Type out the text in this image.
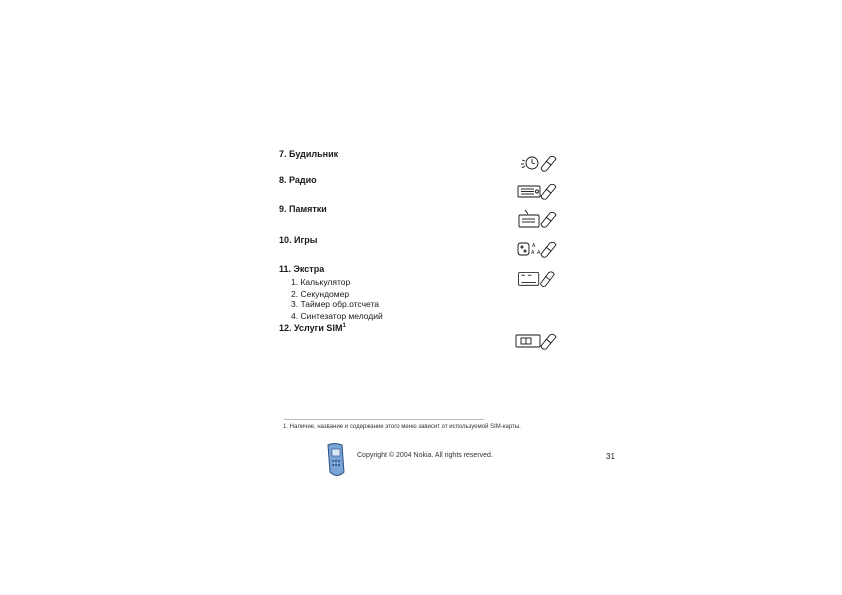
7. Будильник
8. Радио
9. Памятки
10. Игры
11. Экстра
1. Калькулятор
2. Секундомер
3. Таймер обр.отсчета
4. Синтезатор мелодий
12. Услуги SIM$^1$
A
A A
1. Наличие, название и содержание этого меню зависит от используемой SIM-карты.
Copyright © 2004 Nokia. All rights reserved.	31
